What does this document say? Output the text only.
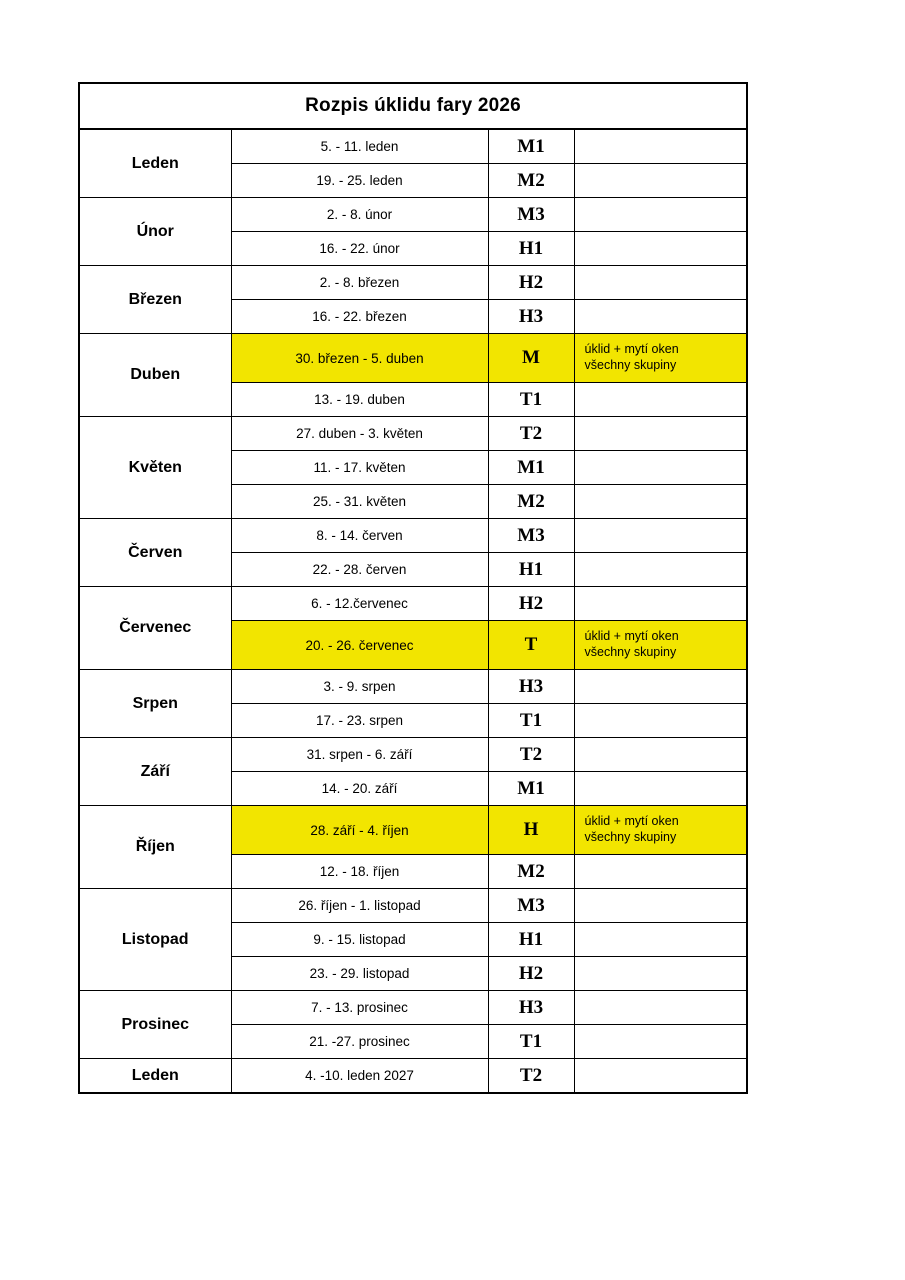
Rozpis úklidu fary 2026			
Leden	5. - 11. leden	M1	
	19. - 25. leden	M2	
Únor	2. - 8. únor	M3	
	16. - 22. únor	H1	
Březen	2. - 8. březen	H2	
	16. - 22. březen	H3	
Duben	30. březen - 5. duben	M	úklid + mytí oken
všechny skupiny

	13. - 19. duben	T1	
Květen	27. duben - 3. květen	T2	
	11. - 17. květen	M1	
	25. - 31. květen	M2	
Červen	8. - 14. červen	M3	
	22. - 28. červen	H1	
Červenec	6. - 12.červenec	H2	
	20. - 26. červenec	T	úklid + mytí oken
všechny skupiny

Srpen	3. - 9. srpen	H3	
	17. - 23. srpen	T1	
Září	31. srpen - 6. září	T2	
	14. - 20. září	M1	
Říjen	28. září - 4. říjen	H	úklid + mytí oken
všechny skupiny

	12. - 18. říjen	M2	
Listopad	26. říjen - 1. listopad	M3	
	9. - 15. listopad	H1	
	23. - 29. listopad	H2	
Prosinec	7. - 13. prosinec	H3	
	21. -27. prosinec	T1	
Leden	4. -10. leden 2027	T2	
